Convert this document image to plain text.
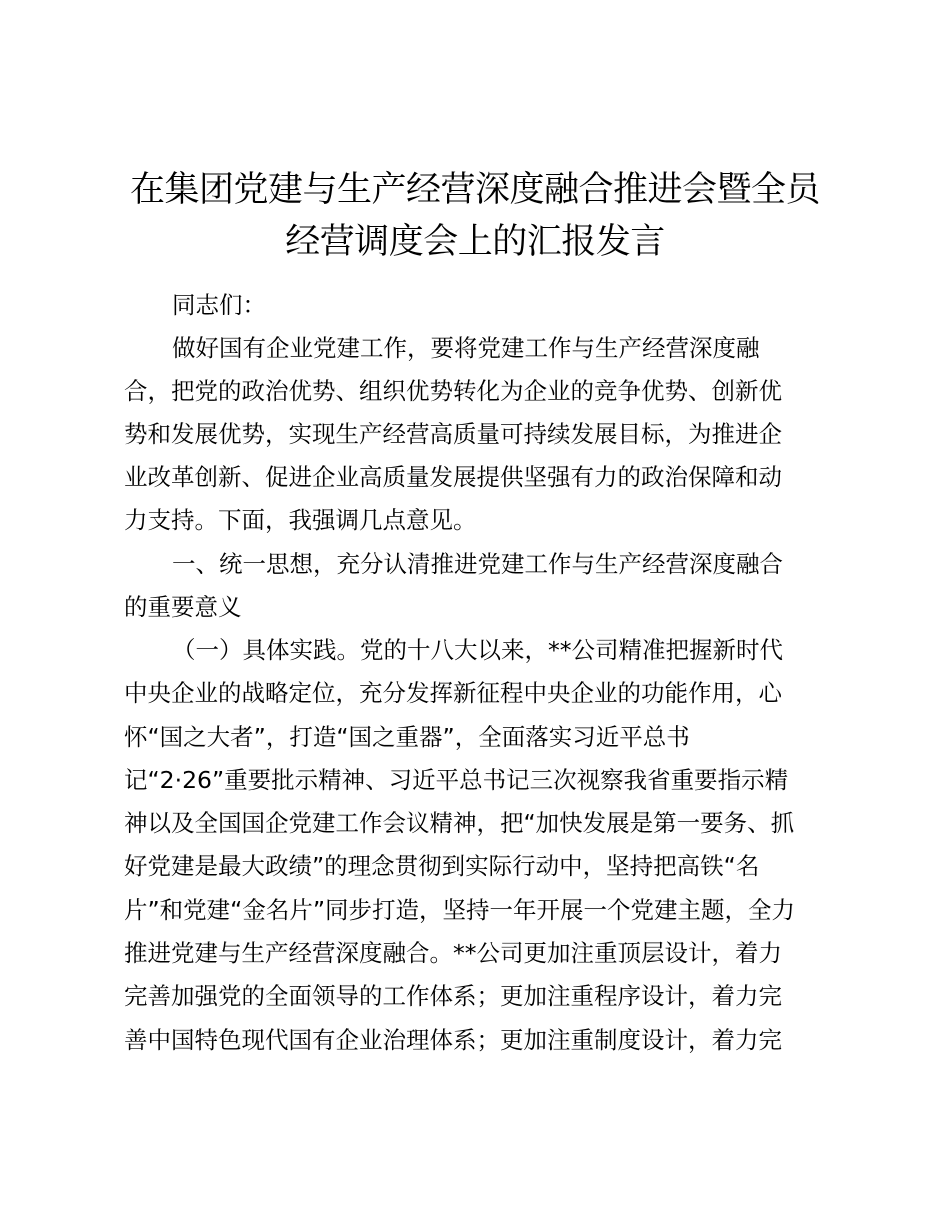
在集团党建与生产经营深度融合推进会暨全员
经营调度会上的汇报发言
同志们：
做好国有企业党建工作，要将党建工作与生产经营深度融
合，把党的政治优势、组织优势转化为企业的竞争优势、创新优
势和发展优势，实现生产经营高质量可持续发展目标，为推进企
业改革创新、促进企业高质量发展提供坚强有力的政治保障和动
力支持。下面，我强调几点意见。
一、统一思想，充分认清推进党建工作与生产经营深度融合
的重要意义
（一）具体实践。党的十八大以来，**公司精准把握新时代
中央企业的战略定位，充分发挥新征程中央企业的功能作用，心
怀“国之大者”，打造“国之重器”，全面落实习近平总书
记“2·26”重要批示精神、习近平总书记三次视察我省重要指示精
神以及全国国企党建工作会议精神，把“加快发展是第一要务、抓
好党建是最大政绩”的理念贯彻到实际行动中，坚持把高铁“名
片”和党建“金名片”同步打造，坚持一年开展一个党建主题，全力
推进党建与生产经营深度融合。**公司更加注重顶层设计，着力
完善加强党的全面领导的工作体系；更加注重程序设计，着力完
善中国特色现代国有企业治理体系；更加注重制度设计，着力完
